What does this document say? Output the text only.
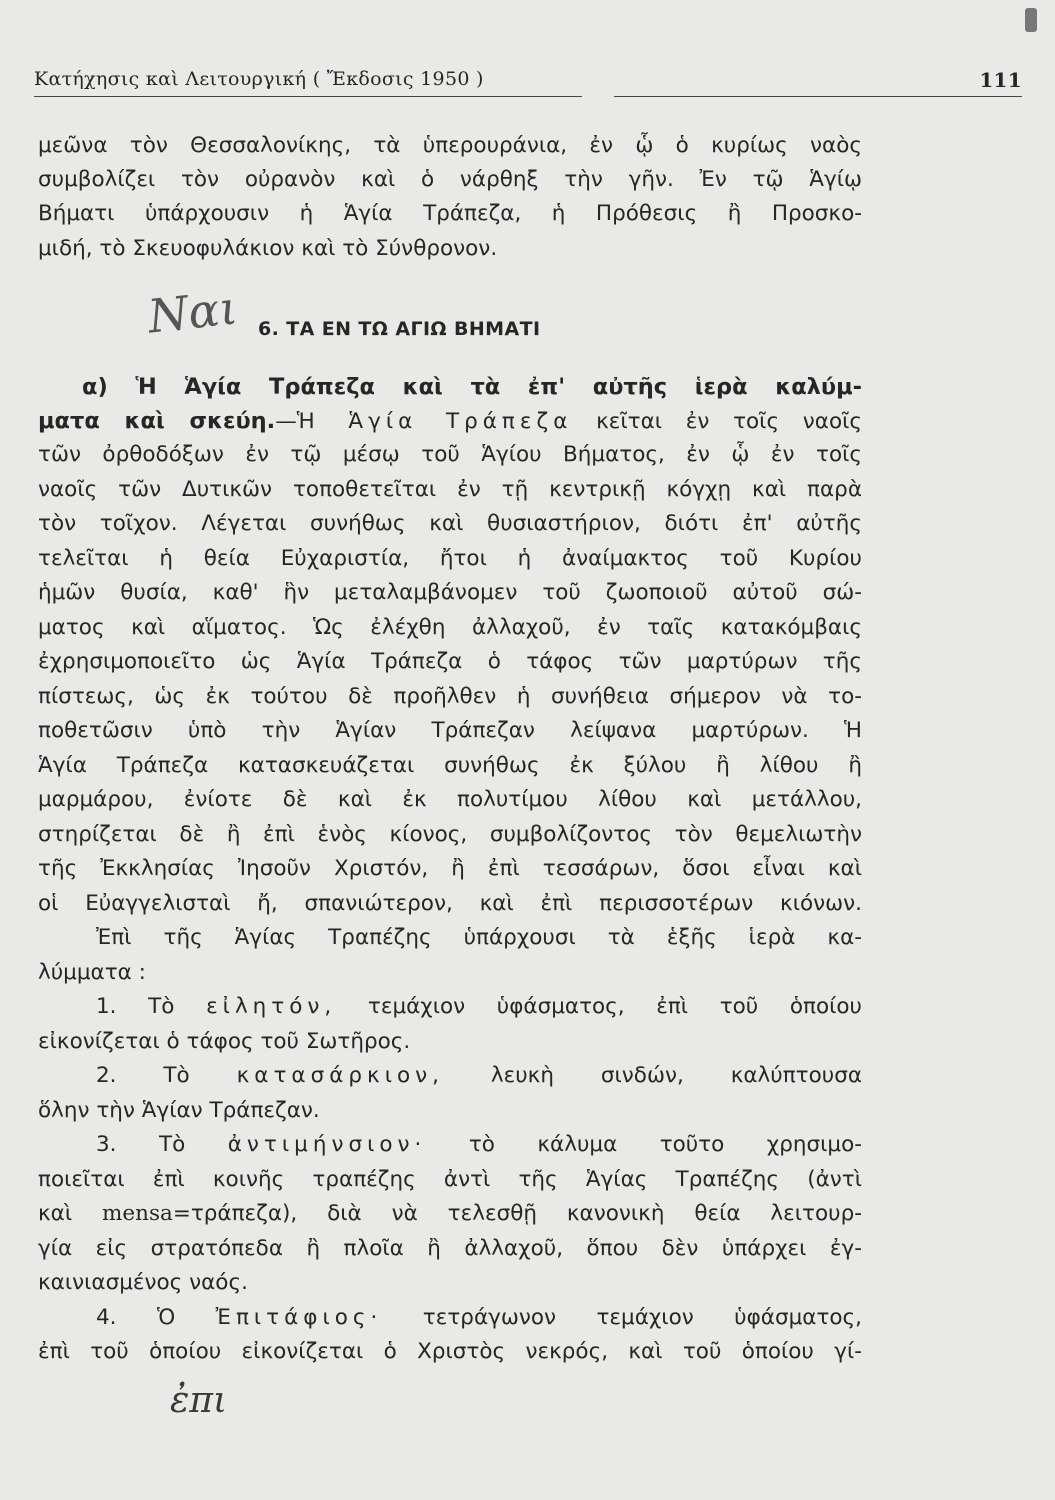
Κατήχησις καὶ Λειτουργική ( Ἔκδοσις 1950 )	111
μεῶνα τὸν Θεσσαλονίκης, τὰ ὑπερουράνια, ἐν ᾧ ὁ κυρίως ναὸς
συμβολίζει τὸν οὐρανὸν καὶ ὁ νάρθηξ τὴν γῆν. Ἐν τῷ Ἁγίῳ
Βήματι ὑπάρχουσιν ἡ Ἁγία Τράπεζα, ἡ Πρόθεσις ἢ Προσκο-
μιδή, τὸ Σκευοφυλάκιον καὶ τὸ Σύνθρονον.
Ναι 6. ΤΑ ΕΝ ΤΩ ΑΓΙΩ ΒΗΜΑΤΙ
α) Ἡ Ἁγία Τράπεζα καὶ τὰ ἐπ' αὐτῆς ἱερὰ καλύμ-
ματα καὶ σκεύη.—Ἡ Ἁγία Τράπεζα κεῖται ἐν τοῖς ναοῖς
τῶν ὀρθοδόξων ἐν τῷ μέσῳ τοῦ Ἁγίου Βήματος, ἐν ᾧ ἐν τοῖς
ναοῖς τῶν Δυτικῶν τοποθετεῖται ἐν τῇ κεντρικῇ κόγχῃ καὶ παρὰ
τὸν τοῖχον. Λέγεται συνήθως καὶ θυσιαστήριον, διότι ἐπ' αὐτῆς
τελεῖται ἡ θεία Εὐχαριστία, ἤτοι ἡ ἀναίμακτος τοῦ Κυρίου
ἡμῶν θυσία, καθ' ἣν μεταλαμβάνομεν τοῦ ζωοποιοῦ αὐτοῦ σώ-
ματος καὶ αἵματος. Ὡς ἐλέχθη ἀλλαχοῦ, ἐν ταῖς κατακόμβαις
ἐχρησιμοποιεῖτο ὡς Ἁγία Τράπεζα ὁ τάφος τῶν μαρτύρων τῆς
πίστεως, ὡς ἐκ τούτου δὲ προῆλθεν ἡ συνήθεια σήμερον νὰ το-
ποθετῶσιν ὑπὸ τὴν Ἁγίαν Τράπεζαν λείψανα μαρτύρων. Ἡ
Ἁγία Τράπεζα κατασκευάζεται συνήθως ἐκ ξύλου ἢ λίθου ἢ
μαρμάρου, ἐνίοτε δὲ καὶ ἐκ πολυτίμου λίθου καὶ μετάλλου,
στηρίζεται δὲ ἢ ἐπὶ ἑνὸς κίονος, συμβολίζοντος τὸν θεμελιωτὴν
τῆς Ἐκκλησίας Ἰησοῦν Χριστόν, ἢ ἐπὶ τεσσάρων, ὅσοι εἶναι καὶ
οἱ Εὐαγγελισταὶ ἤ, σπανιώτερον, καὶ ἐπὶ περισσοτέρων κιόνων.
Ἐπὶ τῆς Ἁγίας Τραπέζης ὑπάρχουσι τὰ ἑξῆς ἱερὰ κα-
λύμματα :
1. Τὸ εἰλητόν, τεμάχιον ὑφάσματος, ἐπὶ τοῦ ὁποίου
εἰκονίζεται ὁ τάφος τοῦ Σωτῆρος.
2. Τὸ κατασάρκιον, λευκὴ σινδών, καλύπτουσα
ὅλην τὴν Ἁγίαν Τράπεζαν.
3. Τὸ ἀντιμήνσιον· τὸ κάλυμα τοῦτο χρησιμο-
ποιεῖται ἐπὶ κοινῆς τραπέζης ἀντὶ τῆς Ἁγίας Τραπέζης (ἀντὶ
καὶ mensa=τράπεζα), διὰ νὰ τελεσθῇ κανονικὴ θεία λειτουρ-
γία εἰς στρατόπεδα ἢ πλοῖα ἢ ἀλλαχοῦ, ὅπου δὲν ὑπάρχει ἐγ-
καινιασμένος ναός.
4. Ὁ Ἐπιτάφιος· τετράγωνον τεμάχιον ὑφάσματος,
ἐπὶ τοῦ ὁποίου εἰκονίζεται ὁ Χριστὸς νεκρός, καὶ τοῦ ὁποίου γί-
ἐπι
